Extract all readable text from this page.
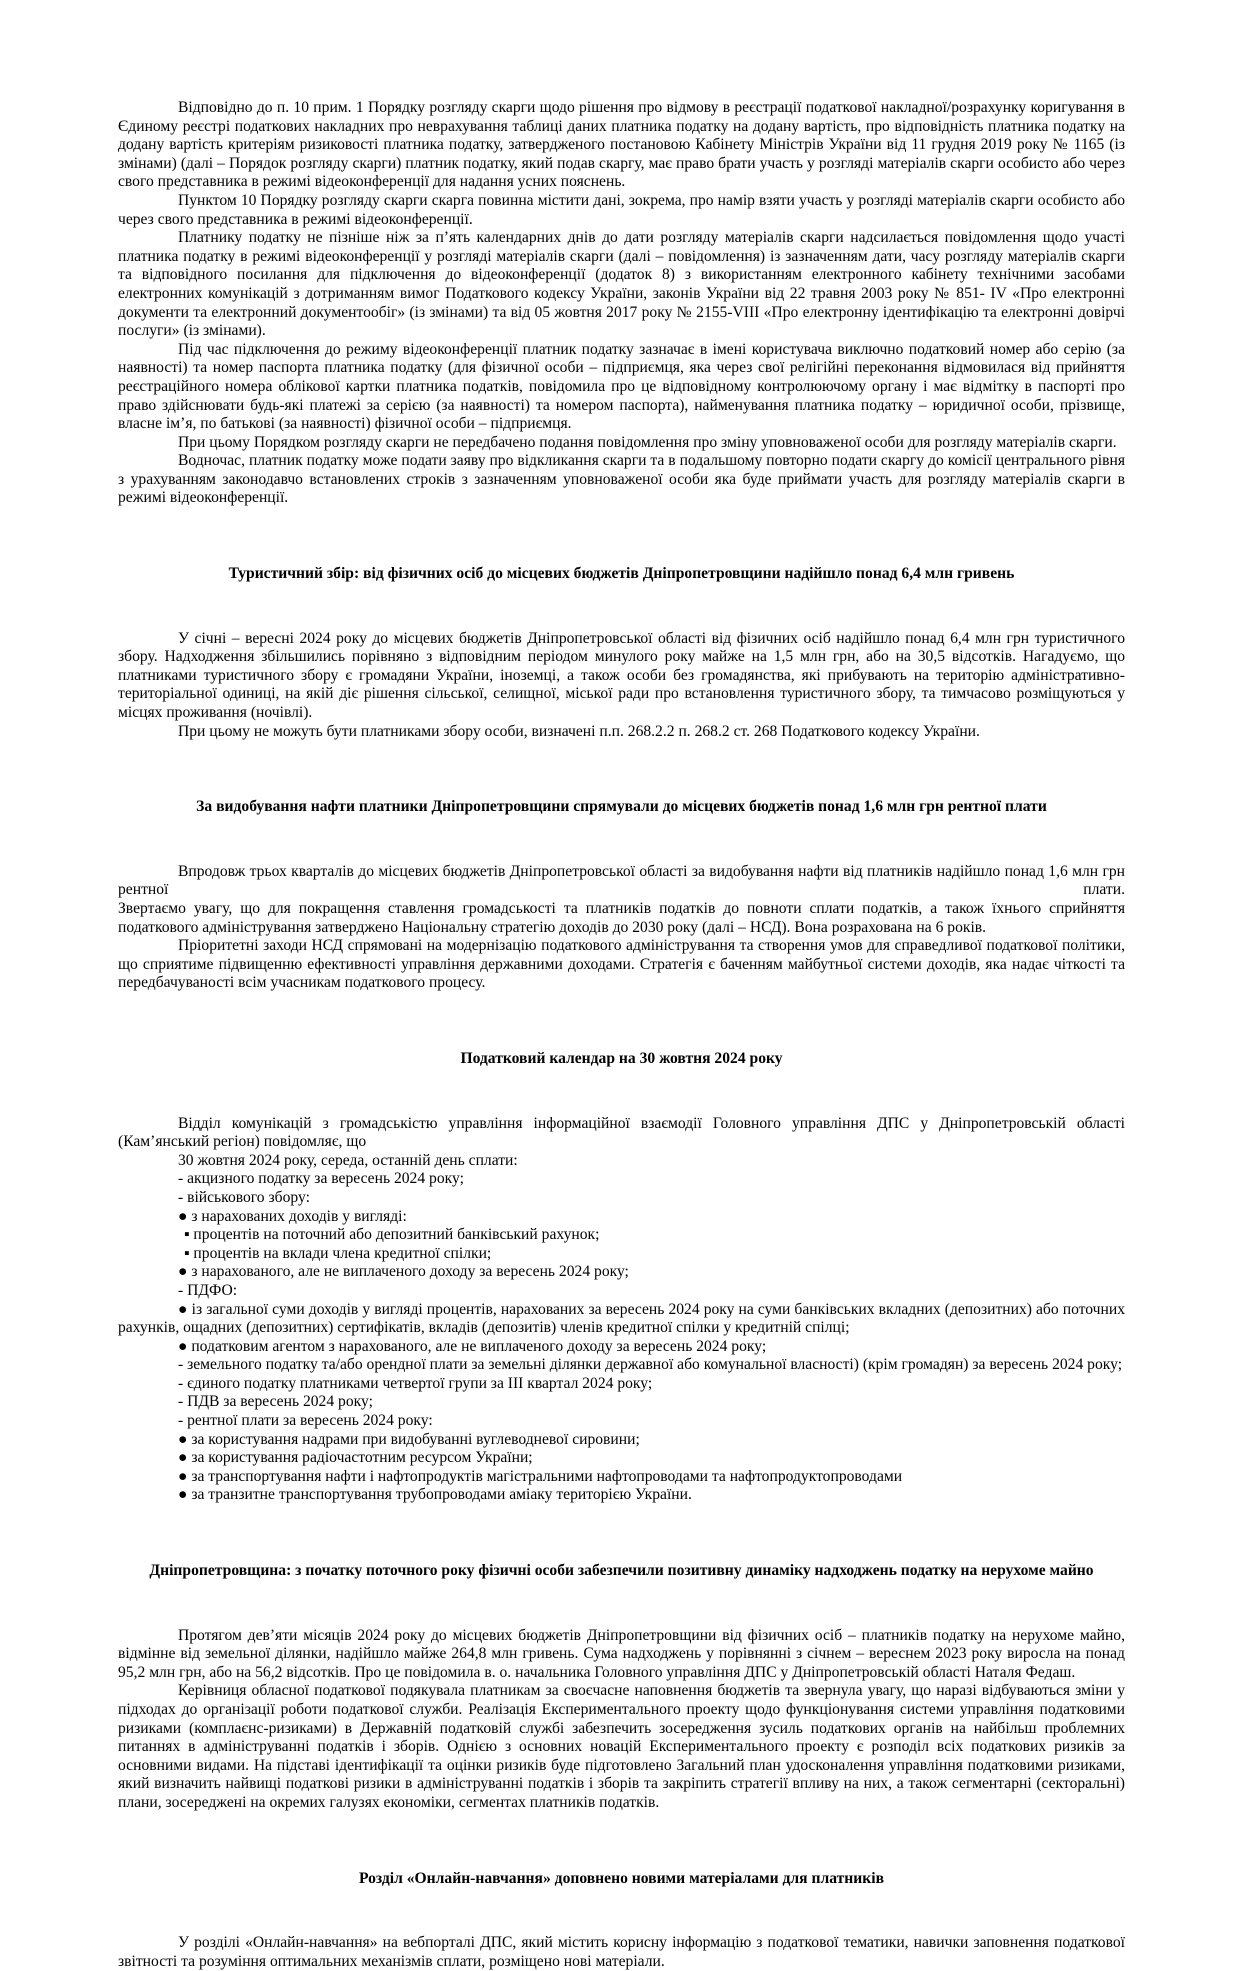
Відповідно до п. 10 прим. 1 Порядку розгляду скарги щодо рішення про відмову в реєстрації податкової накладної/розрахунку коригування в Єдиному реєстрі податкових накладних про неврахування таблиці даних платника податку на додану вартість, про відповідність платника податку на додану вартість критеріям ризиковості платника податку, затвердженого постановою Кабінету Міністрів України від 11 грудня 2019 року № 1165 (із змінами) (далі – Порядок розгляду скарги) платник податку, який подав скаргу, має право брати участь у розгляді матеріалів скарги особисто або через свого представника в режимі відеоконференції для надання усних пояснень.

Пунктом 10 Порядку розгляду скарги скарга повинна містити дані, зокрема, про намір взяти участь у розгляді матеріалів скарги особисто або через свого представника в режимі відеоконференції.

Платнику податку не пізніше ніж за п’ять календарних днів до дати розгляду матеріалів скарги надсилається повідомлення щодо участі платника податку в режимі відеоконференції у розгляді матеріалів скарги (далі – повідомлення) із зазначенням дати, часу розгляду матеріалів скарги та відповідного посилання для підключення до відеоконференції (додаток 8) з використанням електронного кабінету технічними засобами електронних комунікацій з дотриманням вимог Податкового кодексу України, законів України від 22 травня 2003 року № 851- IV «Про електронні документи та електронний документообіг» (із змінами) та від 05 жовтня 2017 року № 2155-VIII «Про електронну ідентифікацію та електронні довірчі послуги» (із змінами).

Під час підключення до режиму відеоконференції платник податку зазначає в імені користувача виключно податковий номер або серію (за наявності) та номер паспорта платника податку (для фізичної особи – підприємця, яка через свої релігійні переконання відмовилася від прийняття реєстраційного номера облікової картки платника податків, повідомила про це відповідному контролюючому органу і має відмітку в паспорті про право здійснювати будь-які платежі за серією (за наявності) та номером паспорта), найменування платника податку – юридичної особи, прізвище, власне ім’я, по батькові (за наявності) фізичної особи – підприємця.

При цьому Порядком розгляду скарги не передбачено подання повідомлення про зміну уповноваженої особи для розгляду матеріалів скарги.

Водночас, платник податку може подати заяву про відкликання скарги та в подальшому повторно подати скаргу до комісії центрального рівня з урахуванням законодавчо встановлених строків з зазначенням уповноваженої особи яка буде приймати участь для розгляду матеріалів скарги в режимі відеоконференції.

Туристичний збір: від фізичних осіб до місцевих бюджетів Дніпропетровщини надійшло понад 6,4 млн гривень

У січні – вересні 2024 року до місцевих бюджетів Дніпропетровської області від фізичних осіб надійшло понад 6,4 млн грн туристичного збору. Надходження збільшились порівняно з відповідним періодом минулого року майже на 1,5 млн грн, або на 30,5 відсотків. Нагадуємо, що платниками туристичного збору є громадяни України, іноземці, а також особи без громадянства, які прибувають на територію адміністративно-територіальної одиниці, на якій діє рішення сільської, селищної, міської ради про встановлення туристичного збору, та тимчасово розміщуються у місцях проживання (ночівлі).

При цьому не можуть бути платниками збору особи, визначені п.п. 268.2.2 п. 268.2 ст. 268 Податкового кодексу України.

За видобування нафти платники Дніпропетровщини спрямували до місцевих бюджетів понад 1,6 млн грн рентної плати

Впродовж трьох кварталів до місцевих бюджетів Дніпропетровської області за видобування нафти від платників надійшло понад 1,6 млн грн рентної плати.

Звертаємо увагу, що для покращення ставлення громадськості та платників податків до повноти сплати податків, а також їхнього сприйняття податкового адміністрування затверджено Національну стратегію доходів до 2030 року (далі – НСД). Вона розрахована на 6 років.

Пріоритетні заходи НСД спрямовані на модернізацію податкового адміністрування та створення умов для справедливої податкової політики, що сприятиме підвищенню ефективності управління державними доходами. Стратегія є баченням майбутньої системи доходів, яка надає чіткості та передбачуваності всім учасникам податкового процесу.

Податковий календар на 30 жовтня 2024 року

Відділ комунікацій з громадськістю управління інформаційної взаємодії Головного управління ДПС у Дніпропетровській області (Кам’янський регіон) повідомляє, що

30 жовтня 2024 року, середа, останній день сплати:

- акцизного податку за вересень 2024 року;

- військового збору:

● з нарахованих доходів у вигляді:

▪ процентів на поточний або депозитний банківський рахунок;

▪ процентів на вклади члена кредитної спілки;

● з нарахованого, але не виплаченого доходу за вересень 2024 року;

- ПДФО:

● із загальної суми доходів у вигляді процентів, нарахованих за вересень 2024 року на суми банківських вкладних (депозитних) або поточних рахунків, ощадних (депозитних) сертифікатів, вкладів (депозитів) членів кредитної спілки у кредитній спілці;

● податковим агентом з нарахованого, але не виплаченого доходу за вересень 2024 року;

- земельного податку та/або орендної плати за земельні ділянки державної або комунальної власності) (крім громадян) за вересень 2024 року;

- єдиного податку платниками четвертої групи за ІІІ квартал 2024 року;

- ПДВ за вересень 2024 року;

- рентної плати за вересень 2024 року:

● за користування надрами при видобуванні вуглеводневої сировини;

● за користування радіочастотним ресурсом України;

● за транспортування нафти і нафтопродуктів магістральними нафтопроводами та нафтопродуктопроводами

● за транзитне транспортування трубопроводами аміаку територією України.

Дніпропетровщина: з початку поточного року фізичні особи забезпечили позитивну динаміку надходжень податку на нерухоме майно

Протягом дев’яти місяців 2024 року до місцевих бюджетів Дніпропетровщини від фізичних осіб – платників податку на нерухоме майно, відмінне від земельної ділянки, надійшло майже 264,8 млн гривень. Сума надходжень у порівнянні з січнем – вереснем 2023 року виросла на понад 95,2 млн грн, або на 56,2 відсотків. Про це повідомила в. о. начальника Головного управління ДПС у Дніпропетровській області Наталя Федаш.

Керівниця обласної податкової подякувала платникам за своєчасне наповнення бюджетів та звернула увагу, що наразі відбуваються зміни у підходах до організації роботи податкової служби. Реалізація Експериментального проекту щодо функціонування системи управління податковими ризиками (комплаєнс-ризиками) в Державній податковій службі забезпечить зосередження зусиль податкових органів на найбільш проблемних питаннях в адмініструванні податків і зборів. Однією з основних новацій Експериментального проекту є розподіл всіх податкових ризиків за основними видами. На підставі ідентифікації та оцінки ризиків буде підготовлено Загальний план удосконалення управління податковими ризиками, який визначить найвищі податкові ризики в адмініструванні податків і зборів та закріпить стратегії впливу на них, а також сегментарні (секторальні) плани, зосереджені на окремих галузях економіки, сегментах платників податків.

Розділ «Онлайн-навчання» доповнено новими матеріалами для платників

У розділі «Онлайн-навчання» на вебпорталі ДПС, який містить корисну інформацію з податкової тематики, навички заповнення податкової звітності та розуміння оптимальних механізмів сплати, розміщено нові матеріали.
